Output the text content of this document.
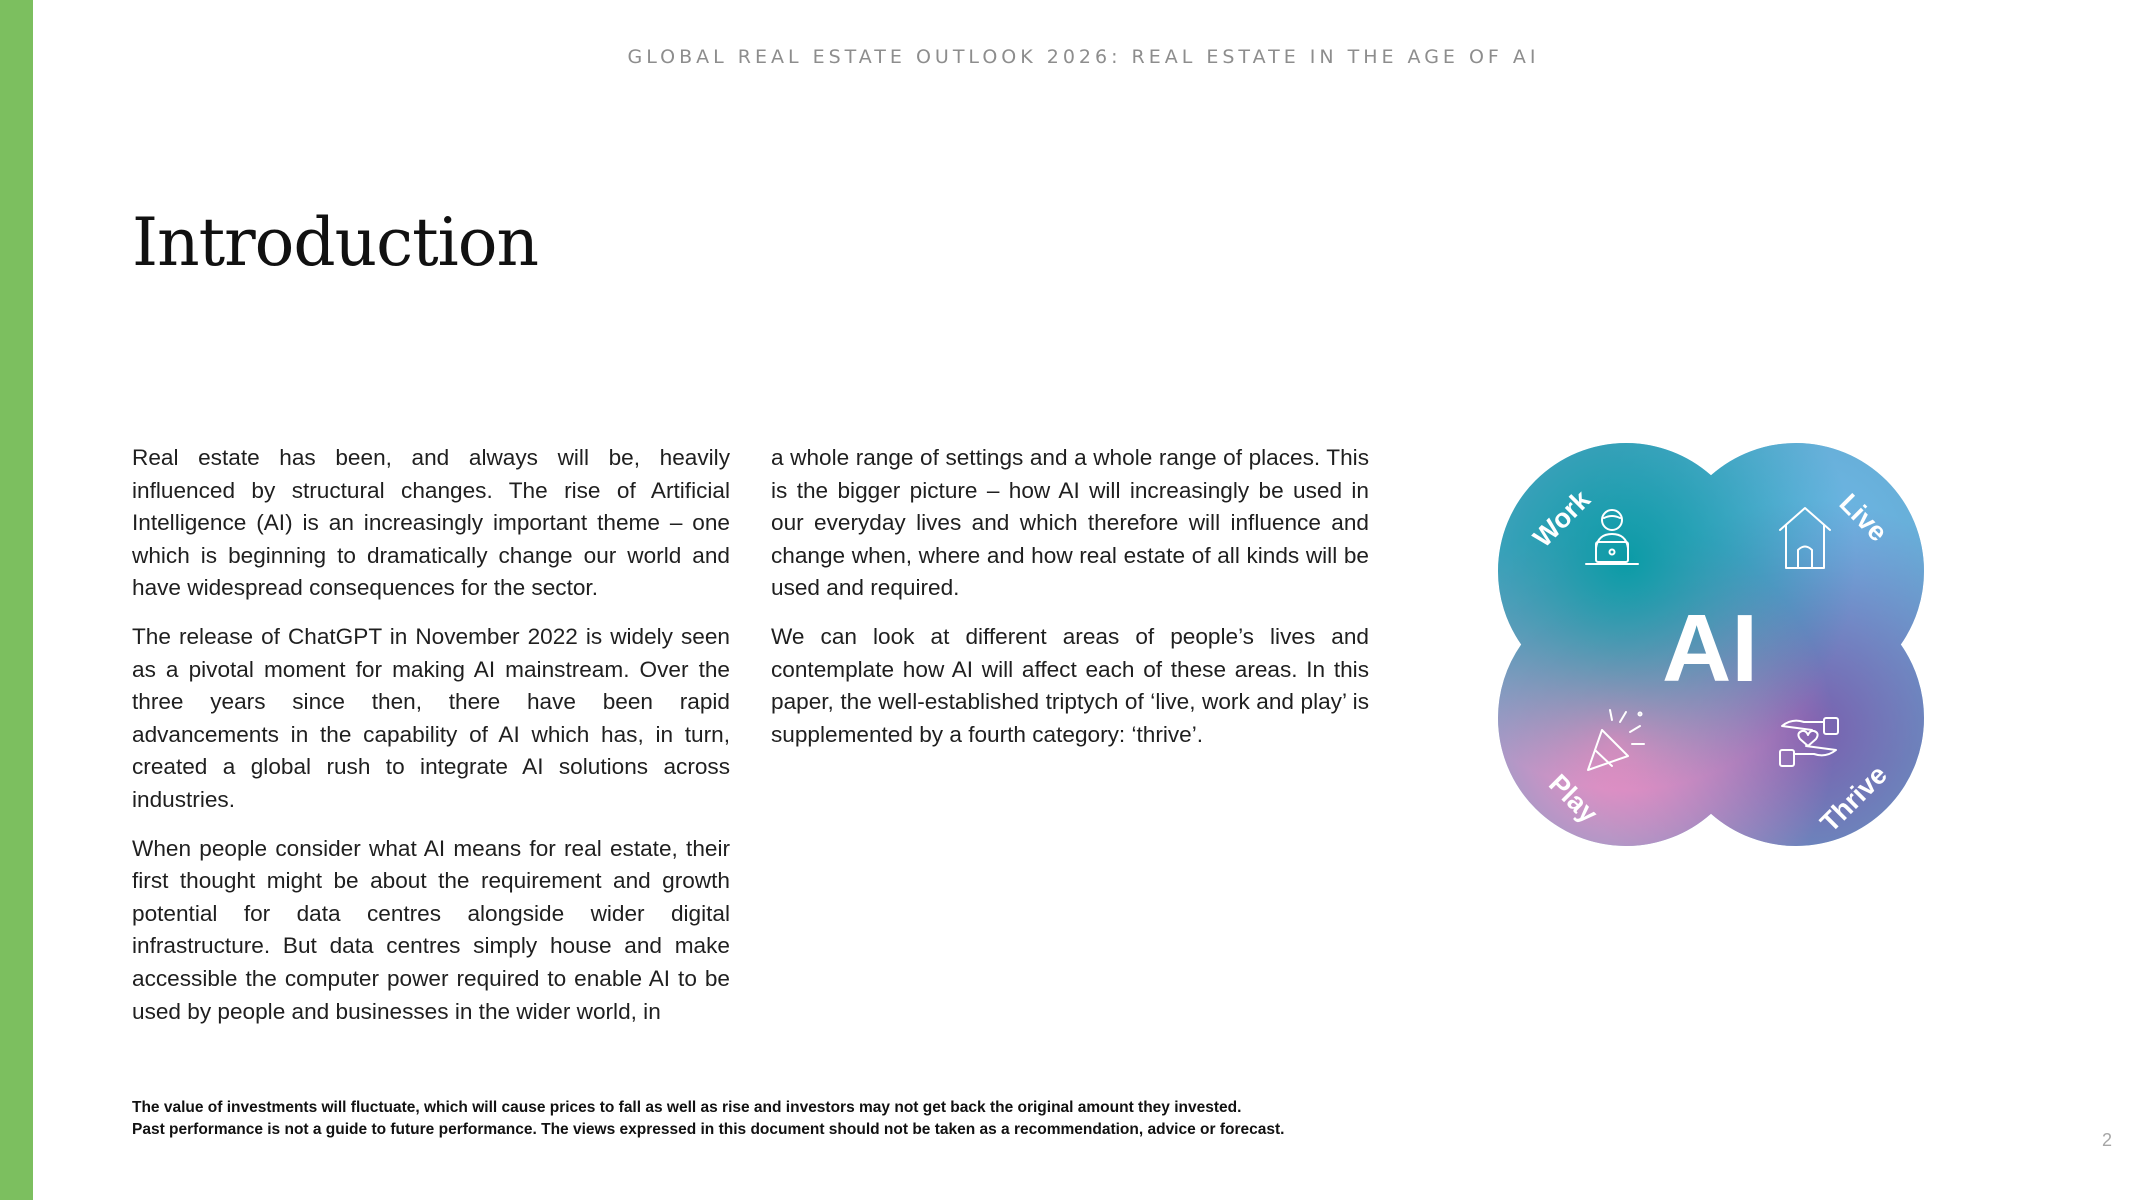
GLOBAL REAL ESTATE OUTLOOK 2026: REAL ESTATE IN THE AGE OF AI
Introduction

Real estate has been, and always will be, heavily influenced by structural changes. The rise of Artificial Intelligence (AI) is an increasingly important theme – one which is beginning to dramatically change our world and have widespread consequences for the sector.

The release of ChatGPT in November 2022 is widely seen as a pivotal moment for making AI mainstream. Over the three years since then, there have been rapid advancements in the capability of AI which has, in turn, created a global rush to integrate AI solutions across industries.

When people consider what AI means for real estate, their first thought might be about the requirement and growth potential for data centres alongside wider digital infrastructure. But data centres simply house and make accessible the computer power required to enable AI to be used by people and businesses in the wider world, in

a whole range of settings and a whole range of places. This is the bigger picture – how AI will increasingly be used in our everyday lives and which therefore will influence and change when, where and how real estate of all kinds will be used and required.

We can look at different areas of people’s lives and contemplate how AI will affect each of these areas. In this paper, the well-established triptych of ‘live, work and play’ is supplemented by a fourth category: ‘thrive’.

AI
Work	Live
Play	Thrive
The value of investments will fluctuate, which will cause prices to fall as well as rise and investors may not get back the original amount they invested.
Past performance is not a guide to future performance. The views expressed in this document should not be taken as a recommendation, advice or forecast.
2
